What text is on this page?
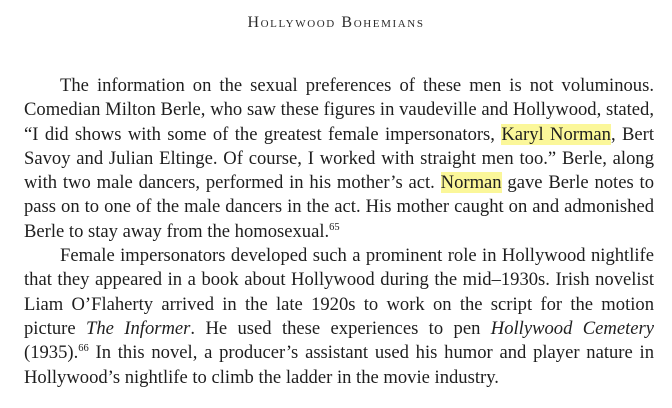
Hollywood Bohemians

The information on the sexual preferences of these men is not voluminous. Comedian Milton Berle, who saw these figures in vaudeville and Hollywood, stated, “I did shows with some of the greatest female impersonators, Karyl Norman, Bert Savoy and Julian Eltinge. Of course, I worked with straight men too.” Berle, along with two male dancers, performed in his mother’s act. Norman gave Berle notes to pass on to one of the male dancers in the act. His mother caught on and admonished Berle to stay away from the homosexual.$^{65}$

Female impersonators developed such a prominent role in Hollywood nightlife that they appeared in a book about Hollywood during the mid–1930s. Irish novelist Liam O’Flaherty arrived in the late 1920s to work on the script for the motion picture The Informer. He used these experiences to pen Hollywood Cemetery (1935).$^{66}$ In this novel, a producer’s assistant used his humor and player nature in Hollywood’s nightlife to climb the ladder in the movie industry.
